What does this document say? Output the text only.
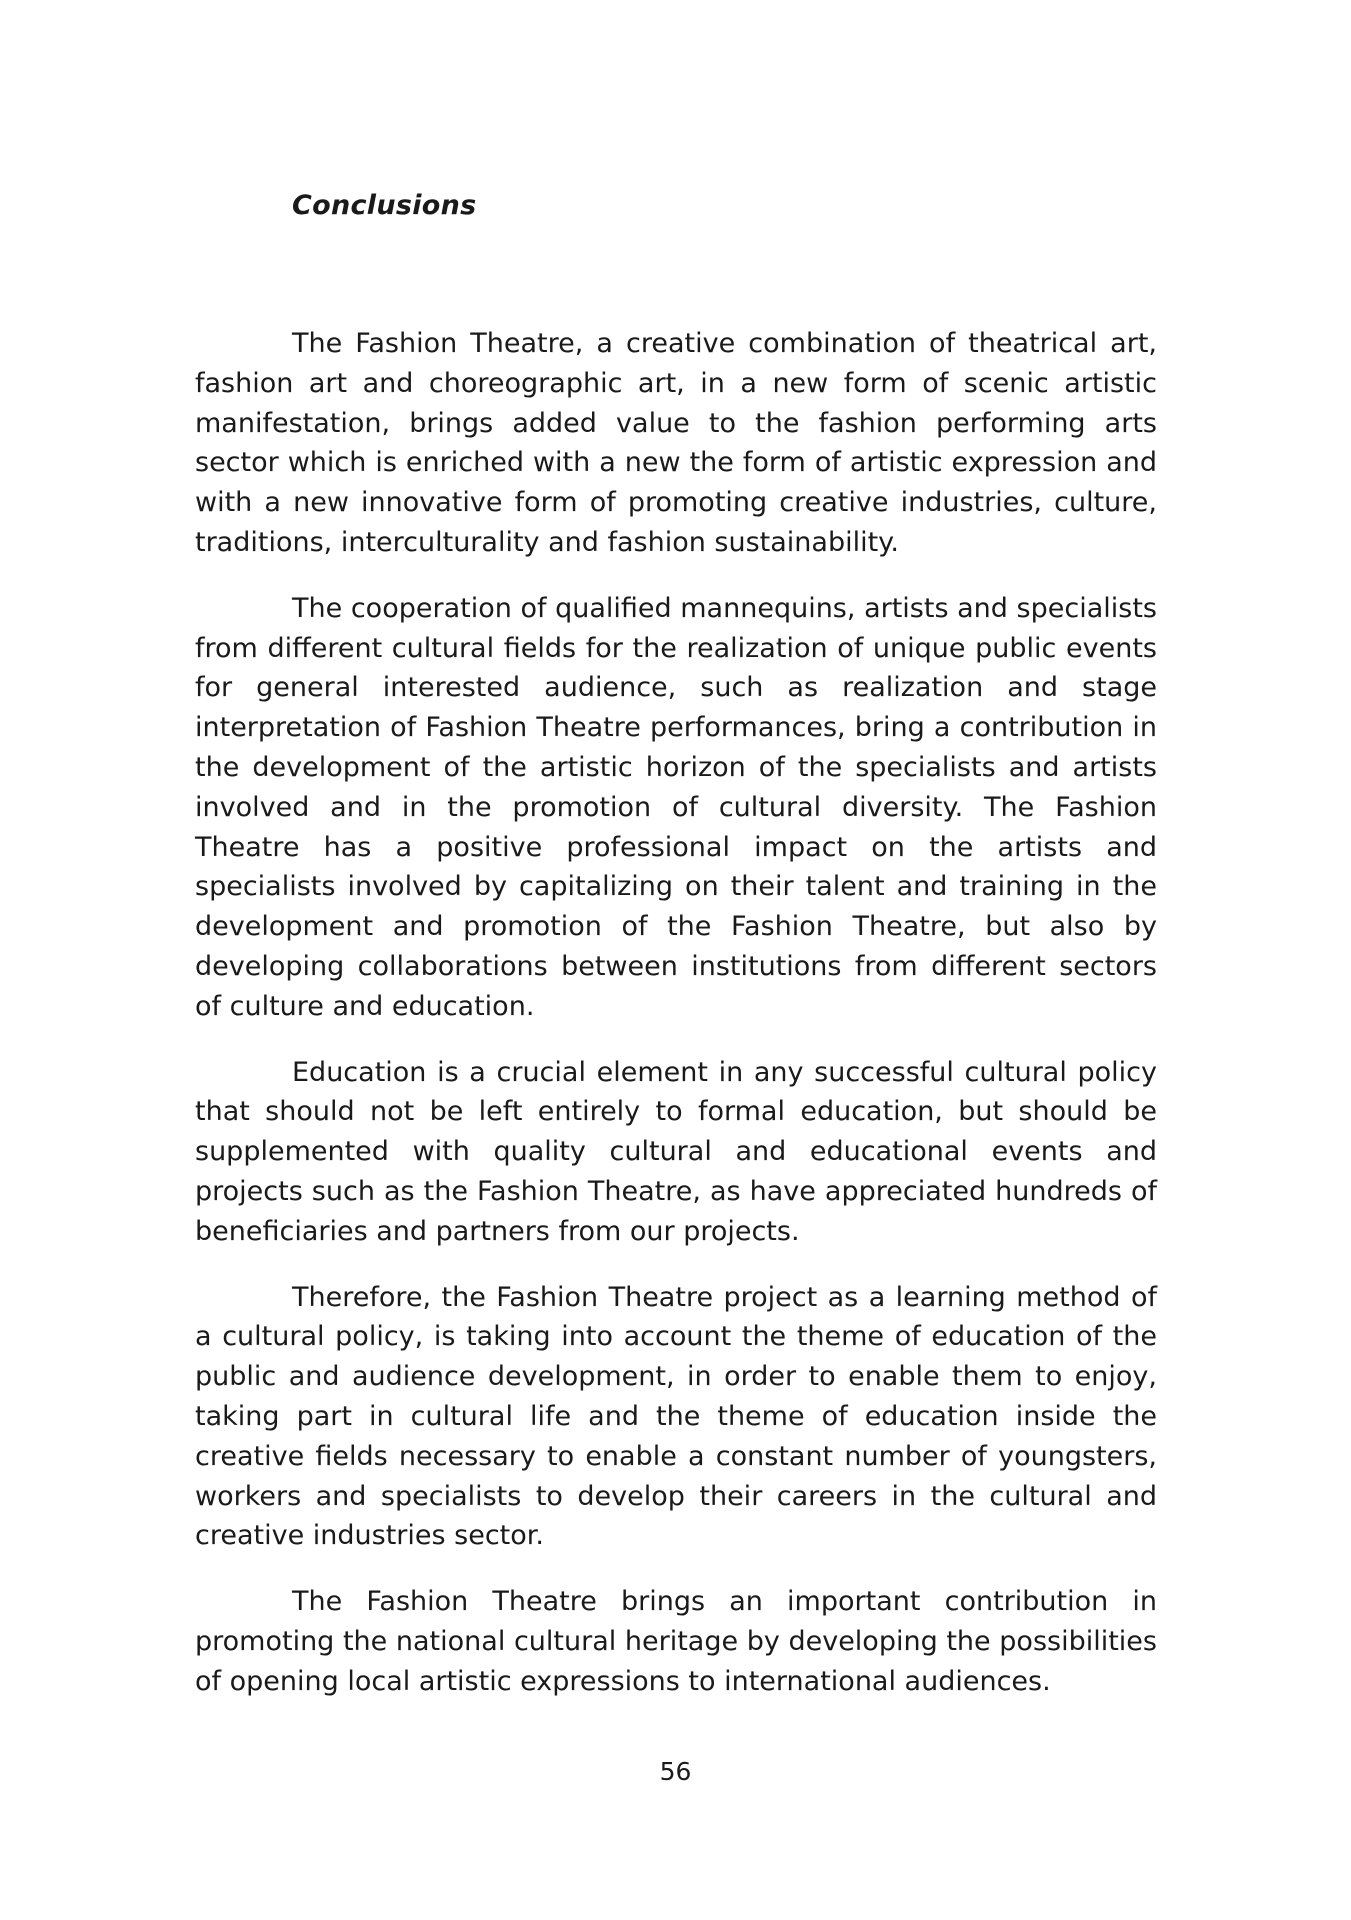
Conclusions

The Fashion Theatre, a creative combination of theatrical art, fashion art and choreographic art, in a new form of scenic artistic manifestation, brings added value to the fashion performing arts sector which is enriched with a new the form of artistic expression and with a new innovative form of promoting creative industries, culture, traditions, interculturality and fashion sustainability.

The cooperation of qualified mannequins, artists and specialists from different cultural fields for the realization of unique public events for general interested audience, such as realization and stage interpretation of Fashion Theatre performances, bring a contribution in the development of the artistic horizon of the specialists and artists involved and in the promotion of cultural diversity. The Fashion Theatre has a positive professional impact on the artists and specialists involved by capitalizing on their talent and training in the development and promotion of the Fashion Theatre, but also by developing collaborations between institutions from different sectors of culture and education.

Education is a crucial element in any successful cultural policy that should not be left entirely to formal education, but should be supplemented with quality cultural and educational events and projects such as the Fashion Theatre, as have appreciated hundreds of beneficiaries and partners from our projects.

Therefore, the Fashion Theatre project as a learning method of a cultural policy, is taking into account the theme of education of the public and audience development, in order to enable them to enjoy, taking part in cultural life and the theme of education inside the creative fields necessary to enable a constant number of youngsters, workers and specialists to develop their careers in the cultural and creative industries sector.

The Fashion Theatre brings an important contribution in promoting the national cultural heritage by developing the possibilities of opening local artistic expressions to international audiences.

56
